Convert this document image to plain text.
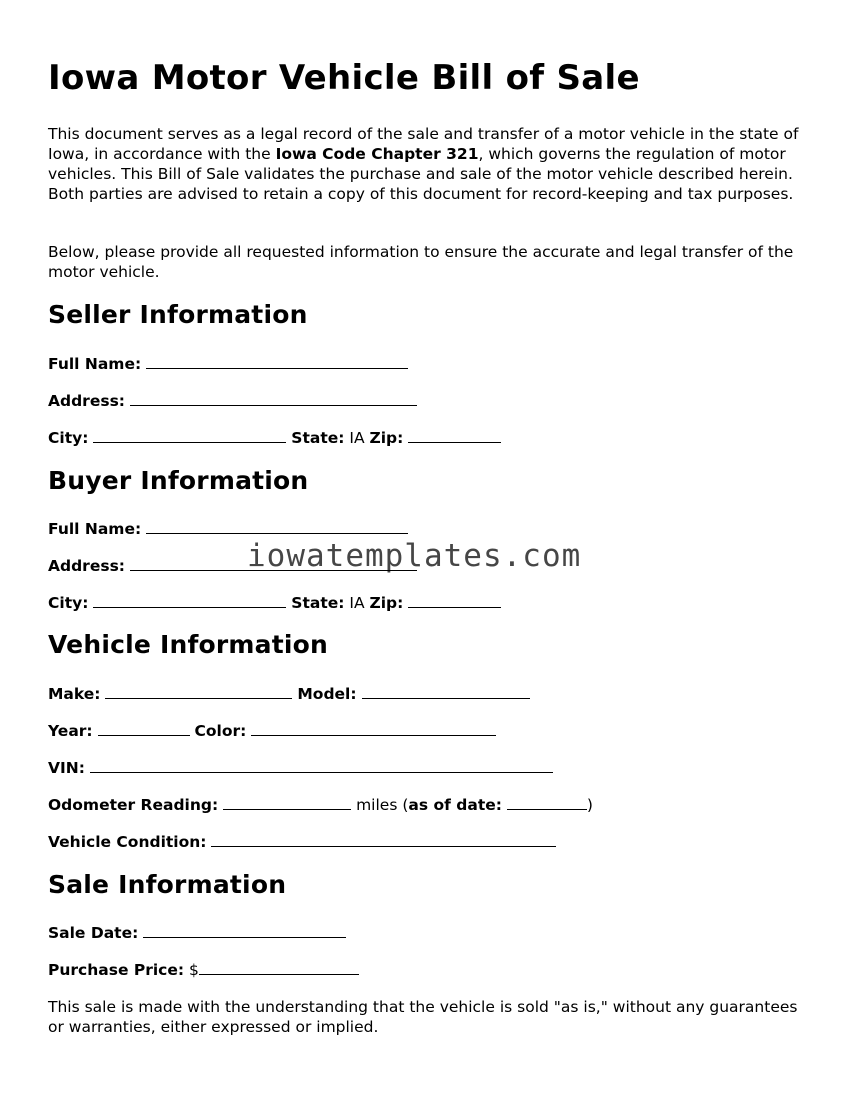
Iowa Motor Vehicle Bill of Sale

This document serves as a legal record of the sale and transfer of a motor vehicle in the state of Iowa, in accordance with the Iowa Code Chapter 321, which governs the regulation of motor vehicles. This Bill of Sale validates the purchase and sale of the motor vehicle described herein. Both parties are advised to retain a copy of this document for record-keeping and tax purposes.

Below, please provide all requested information to ensure the accurate and legal transfer of the motor vehicle.

Seller Information
Full Name:
Address:
City:	State: IA Zip:
Buyer Information
Full Name:
Address:
City:	State: IA Zip:
Vehicle Information
Make:	Model:
Year:	Color:
VIN:
Odometer Reading:	miles (as of date:	)
Vehicle Condition:
Sale Information
Sale Date:
Purchase Price: $

This sale is made with the understanding that the vehicle is sold "as is," without any guarantees or warranties, either expressed or implied.

iowatemplates.com
